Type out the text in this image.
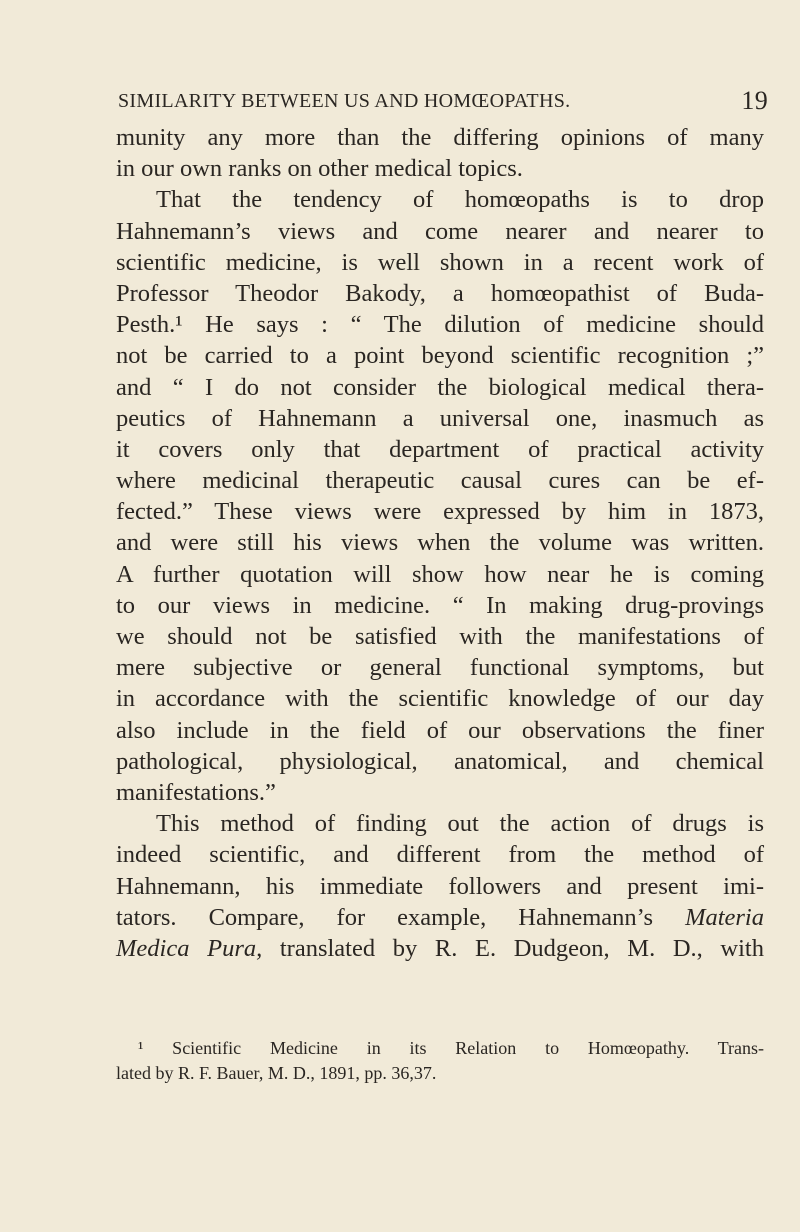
SIMILARITY BETWEEN US AND HOMŒOPATHS.	19
munity any more than the differing opinions of many
in our own ranks on other medical topics.
That the tendency of homœopaths is to drop
Hahnemann’s views and come nearer and nearer to
scientific medicine, is well shown in a recent work of
Professor Theodor Bakody, a homœopathist of Buda-
Pesth.¹ He says : “ The dilution of medicine should
not be carried to a point beyond scientific recognition ;”
and “ I do not consider the biological medical thera-
peutics of Hahnemann a universal one, inasmuch as
it covers only that department of practical activity
where medicinal therapeutic causal cures can be ef-
fected.” These views were expressed by him in 1873,
and were still his views when the volume was written.
A further quotation will show how near he is coming
to our views in medicine. “ In making drug-provings
we should not be satisfied with the manifestations of
mere subjective or general functional symptoms, but
in accordance with the scientific knowledge of our day
also include in the field of our observations the finer
pathological, physiological, anatomical, and chemical
manifestations.”
This method of finding out the action of drugs is
indeed scientific, and different from the method of
Hahnemann, his immediate followers and present imi-
tators. Compare, for example, Hahnemann’s Materia
Medica Pura, translated by R. E. Dudgeon, M. D., with
¹ Scientific Medicine in its Relation to Homœopathy. Trans-
lated by R. F. Bauer, M. D., 1891, pp. 36,37.
